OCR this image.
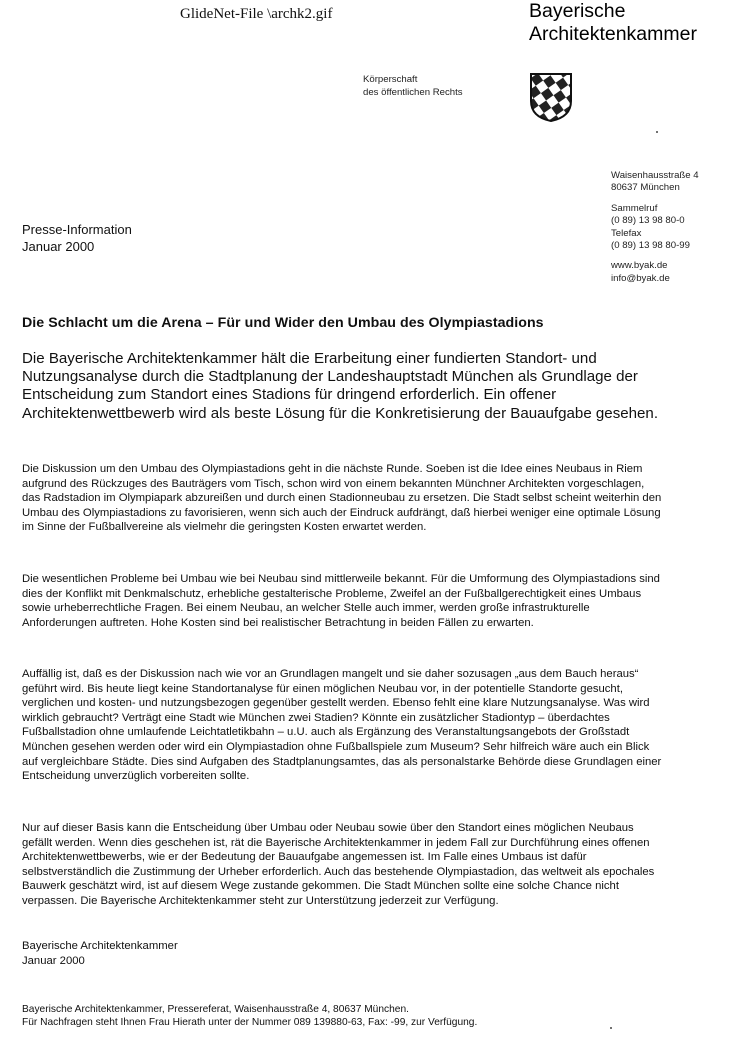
GlideNet-File \archk2.gif	Bayerische
Architektenkammer
Körperschaft
des öffentlichen Rechts
Waisenhausstraße 4
80637 München
Sammelruf
(0 89) 13 98 80-0
Telefax
(0 89) 13 98 80-99
www.byak.de
info@byak.de
Presse-Information
Januar 2000
Die Schlacht um die Arena – Für und Wider den Umbau des Olympiastadions
Die Bayerische Architektenkammer hält die Erarbeitung einer fundierten Standort- und Nutzungsanalyse durch die Stadtplanung der Landeshauptstadt München als Grundlage der Entscheidung zum Standort eines Stadions für dringend erforderlich. Ein offener Architektenwettbewerb wird als beste Lösung für die Konkretisierung der Bauaufgabe gesehen.
Die Diskussion um den Umbau des Olympiastadions geht in die nächste Runde. Soeben ist die Idee eines Neubaus in Riem aufgrund des Rückzuges des Bauträgers vom Tisch, schon wird von einem bekannten Münchner Architekten vorgeschlagen, das Radstadion im Olympiapark abzureißen und durch einen Stadionneubau zu ersetzen. Die Stadt selbst scheint weiterhin den Umbau des Olympiastadions zu favorisieren, wenn sich auch der Eindruck aufdrängt, daß hierbei weniger eine optimale Lösung im Sinne der Fußballvereine als vielmehr die geringsten Kosten erwartet werden.
Die wesentlichen Probleme bei Umbau wie bei Neubau sind mittlerweile bekannt. Für die Umformung des Olympiastadions sind dies der Konflikt mit Denkmalschutz, erhebliche gestalterische Probleme, Zweifel an der Fußballgerechtigkeit eines Umbaus sowie urheberrechtliche Fragen. Bei einem Neubau, an welcher Stelle auch immer, werden große infrastrukturelle Anforderungen auftreten. Hohe Kosten sind bei realistischer Betrachtung in beiden Fällen zu erwarten.
Auffällig ist, daß es der Diskussion nach wie vor an Grundlagen mangelt und sie daher sozusagen „aus dem Bauch heraus“ geführt wird. Bis heute liegt keine Standortanalyse für einen möglichen Neubau vor, in der potentielle Standorte gesucht, verglichen und kosten- und nutzungsbezogen gegenüber gestellt werden. Ebenso fehlt eine klare Nutzungsanalyse. Was wird wirklich gebraucht? Verträgt eine Stadt wie München zwei Stadien? Könnte ein zusätzlicher Stadiontyp – überdachtes Fußballstadion ohne umlaufende Leichtatletikbahn – u.U. auch als Ergänzung des Veranstaltungsangebots der Großstadt München gesehen werden oder wird ein Olympiastadion ohne Fußballspiele zum Museum? Sehr hilfreich wäre auch ein Blick auf vergleichbare Städte. Dies sind Aufgaben des Stadtplanungsamtes, das als personalstarke Behörde diese Grundlagen einer Entscheidung unverzüglich vorbereiten sollte.
Nur auf dieser Basis kann die Entscheidung über Umbau oder Neubau sowie über den Standort eines möglichen Neubaus gefällt werden. Wenn dies geschehen ist, rät die Bayerische Architektenkammer in jedem Fall zur Durchführung eines offenen Architektenwettbewerbs, wie er der Bedeutung der Bauaufgabe angemessen ist. Im Falle eines Umbaus ist dafür selbstverständlich die Zustimmung der Urheber erforderlich. Auch das bestehende Olympiastadion, das weltweit als epochales Bauwerk geschätzt wird, ist auf diesem Wege zustande gekommen. Die Stadt München sollte eine solche Chance nicht verpassen. Die Bayerische Architektenkammer steht zur Unterstützung jederzeit zur Verfügung.
Bayerische Architektenkammer
Januar 2000
Bayerische Architektenkammer, Pressereferat, Waisenhausstraße 4, 80637 München.
Für Nachfragen steht Ihnen Frau Hierath unter der Nummer 089 139880-63, Fax: -99, zur Verfügung.
